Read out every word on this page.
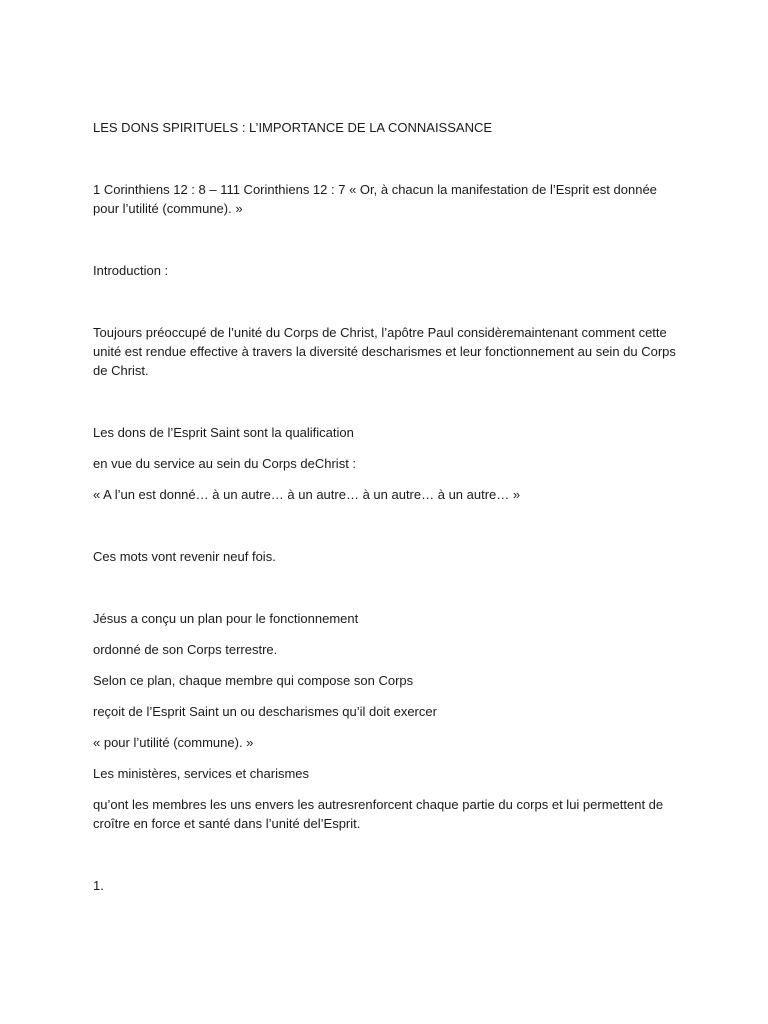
LES DONS SPIRITUELS : L’IMPORTANCE DE LA CONNAISSANCE

1 Corinthiens 12 : 8 – 111 Corinthiens 12 : 7 « Or, à chacun la manifestation de l’Esprit est donnée pour l’utilité (commune). »

Introduction :

Toujours préoccupé de l’unité du Corps de Christ, l’apôtre Paul considèremaintenant comment cette unité est rendue effective à travers la diversité descharismes et leur fonctionnement au sein du Corps de Christ.

Les dons de l’Esprit Saint sont la qualification

en vue du service au sein du Corps deChrist :

« A l’un est donné… à un autre… à un autre… à un autre… à un autre… »

Ces mots vont revenir neuf fois.

Jésus a conçu un plan pour le fonctionnement

ordonné de son Corps terrestre.

Selon ce plan, chaque membre qui compose son Corps

reçoit de l’Esprit Saint un ou descharismes qu’il doit exercer

« pour l’utilité (commune). »

Les ministères, services et charismes

qu’ont les membres les uns envers les autresrenforcent chaque partie du corps et lui permettent de croître en force et santé dans l’unité del’Esprit.

1.
